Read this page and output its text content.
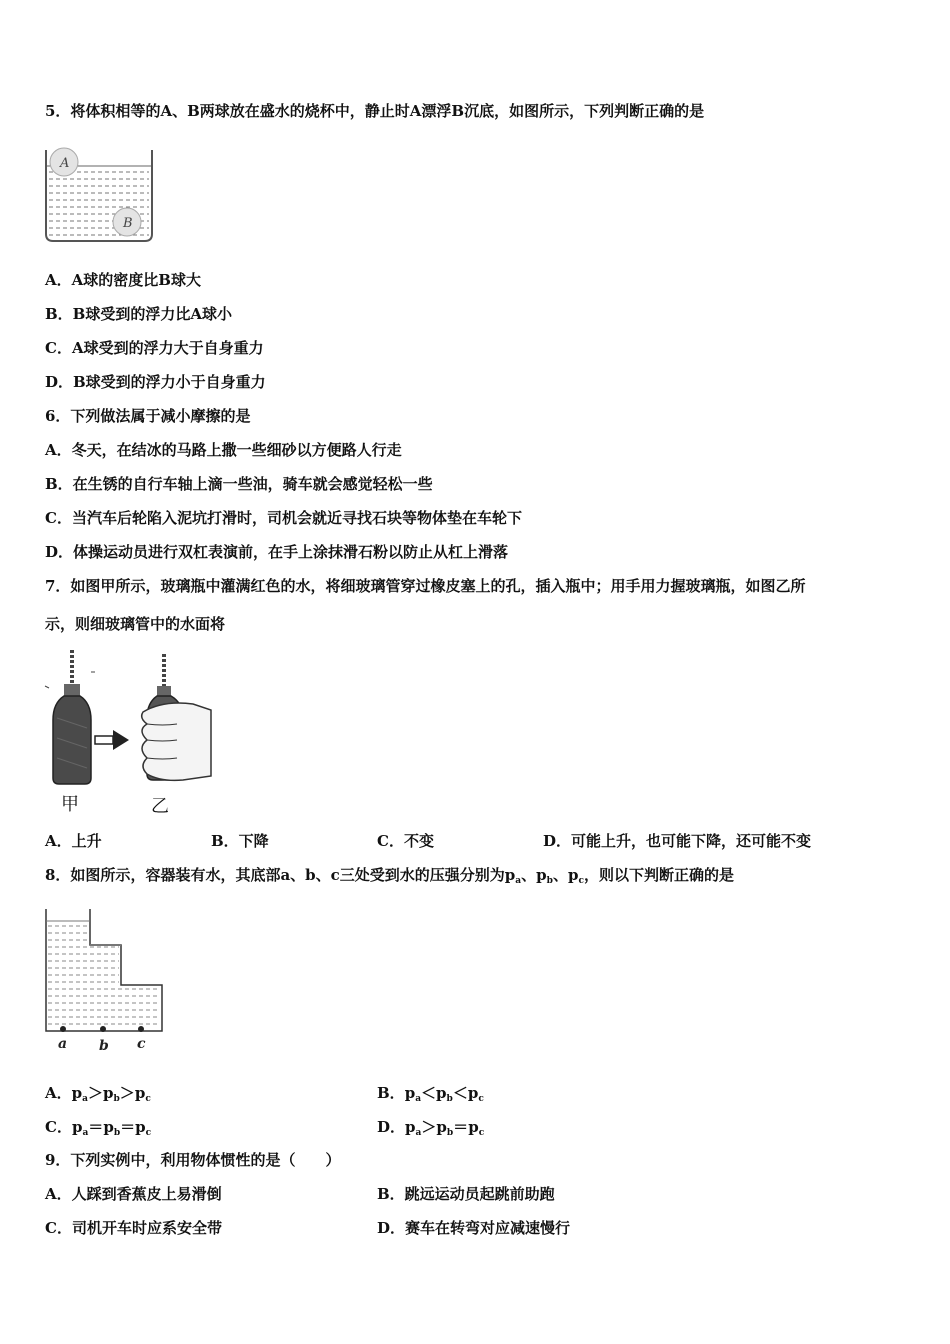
5．将体积相等的A、B两球放在盛水的烧杯中，静止时A漂浮B沉底，如图所示，下列判断正确的是
A
B
A．A球的密度比B球大
B．B球受到的浮力比A球小
C．A球受到的浮力大于自身重力
D．B球受到的浮力小于自身重力
6．下列做法属于减小摩擦的是
A．冬天，在结冰的马路上撒一些细砂以方便路人行走
B．在生锈的自行车轴上滴一些油，骑车就会感觉轻松一些
C．当汽车后轮陷入泥坑打滑时，司机会就近寻找石块等物体垫在车轮下
D．体操运动员进行双杠表演前，在手上涂抹滑石粉以防止从杠上滑落
7．如图甲所示，玻璃瓶中灌满红色的水，将细玻璃管穿过橡皮塞上的孔，插入瓶中；用手用力握玻璃瓶，如图乙所
示，则细玻璃管中的水面将
甲	乙
A．上升	B．下降	C．不变	D．可能上升，也可能下降，还可能不变
8．如图所示，容器装有水，其底部a、b、c三处受到水的压强分别为$p_a$、$p_b$、$p_c$，则以下判断正确的是
a b c
A．$p_a>p_b>p_c$	B．$p_a<p_b<p_c$
C．$p_a=p_b=p_c$	D．$p_a>p_b=p_c$
9．下列实例中，利用物体惯性的是（　　）
A．人踩到香蕉皮上易滑倒	B．跳远运动员起跳前助跑
C．司机开车时应系安全带	D．赛车在转弯对应减速慢行
